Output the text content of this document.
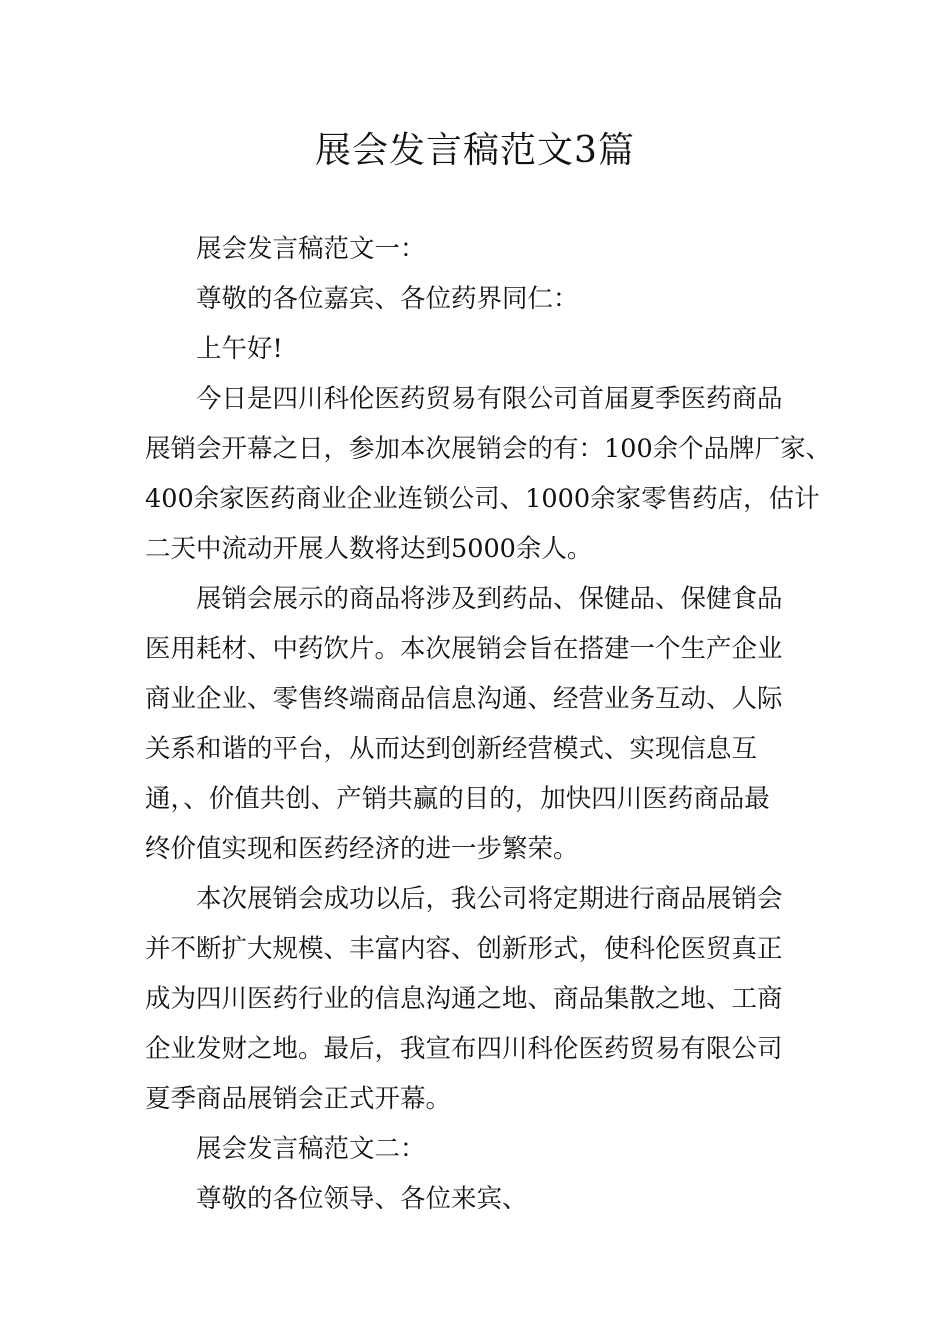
展会发言稿范文3篇
展会发言稿范文一：
尊敬的各位嘉宾、各位药界同仁：
上午好!
今日是四川科伦医药贸易有限公司首届夏季医药商品
展销会开幕之日，参加本次展销会的有：100余个品牌厂家、
400余家医药商业企业连锁公司、1000余家零售药店，估计
二天中流动开展人数将达到5000余人。
展销会展示的商品将涉及到药品、保健品、保健食品
医用耗材、中药饮片。本次展销会旨在搭建一个生产企业
商业企业、零售终端商品信息沟通、经营业务互动、人际
关系和谐的平台，从而达到创新经营模式、实现信息互
通，、价值共创、产销共赢的目的，加快四川医药商品最
终价值实现和医药经济的进一步繁荣。
本次展销会成功以后，我公司将定期进行商品展销会
并不断扩大规模、丰富内容、创新形式，使科伦医贸真正
成为四川医药行业的信息沟通之地、商品集散之地、工商
企业发财之地。最后，我宣布四川科伦医药贸易有限公司
夏季商品展销会正式开幕。
展会发言稿范文二：
尊敬的各位领导、各位来宾、
